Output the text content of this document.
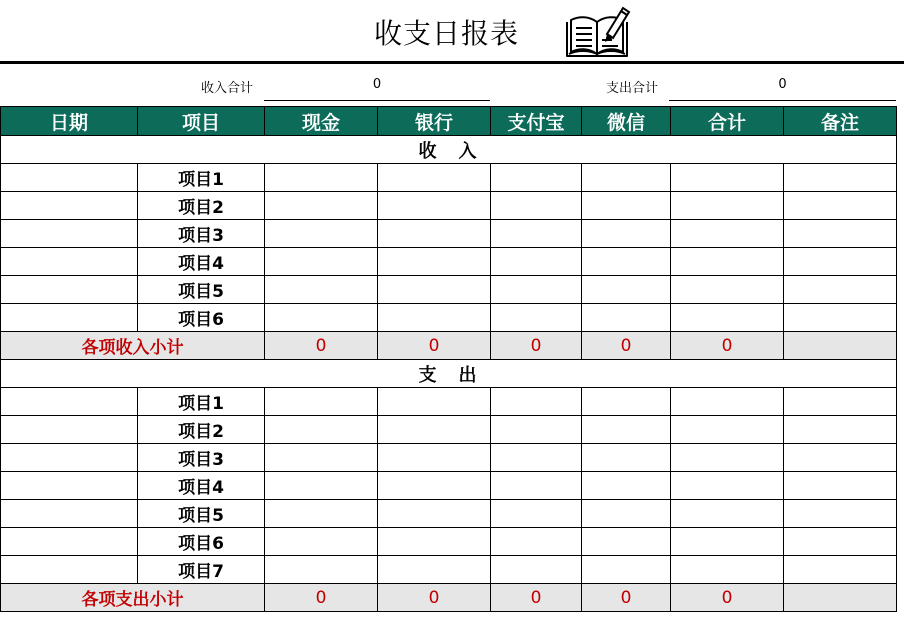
收支日报表
收入合计	0	支出合计	0
日期	项目	现金	银行	支付宝	微信	合计	备注
收　入							
	项目1						
	项目2						
	项目3						
	项目4						
	项目5						
	项目6						
各项收入小计		0	0	0	0	0	
支　出							
	项目1						
	项目2						
	项目3						
	项目4						
	项目5						
	项目6						
	项目7						
各项支出小计		0	0	0	0	0	
